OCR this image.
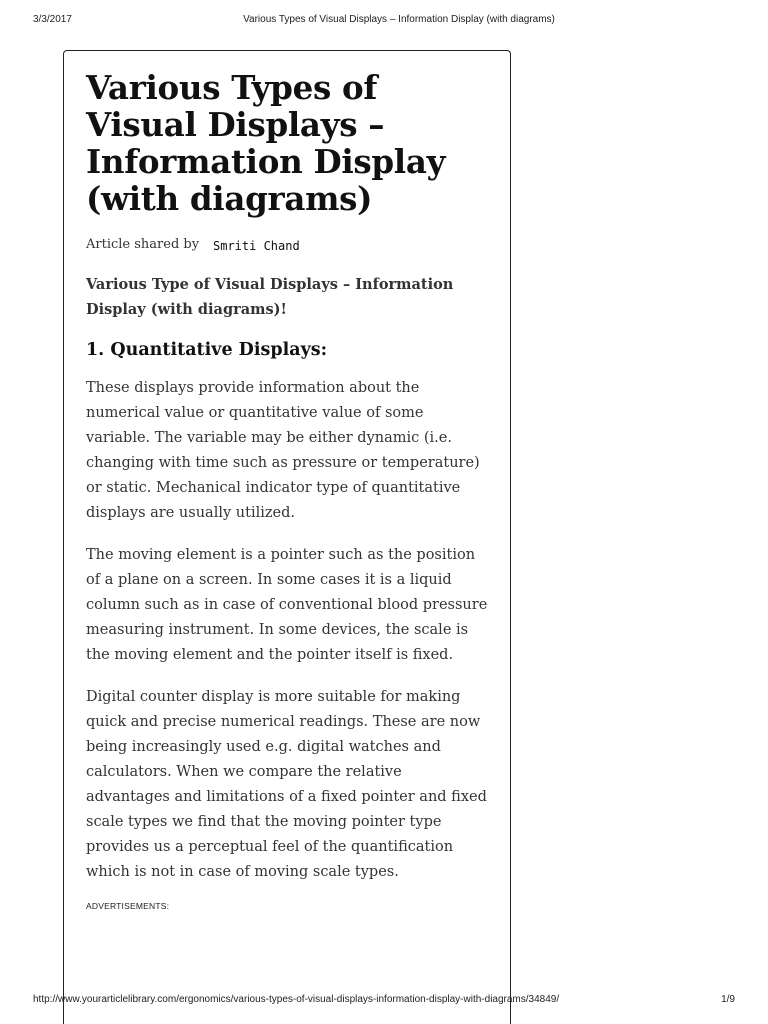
3/3/2017	Various Types of Visual Displays – Information Display (with diagrams)
Various Types of Visual Displays – Information Display (with diagrams)
Article shared by Smriti Chand
Various Type of Visual Displays – Information Display (with diagrams)!
1. Quantitative Displays:

These displays provide information about the numerical value or quantitative value of some variable. The variable may be either dynamic (i.e. changing with time such as pressure or temperature) or static. Mechanical indicator type of quantitative displays are usually utilized.

The moving element is a pointer such as the position of a plane on a screen. In some cases it is a liquid column such as in case of conventional blood pressure measuring instrument. In some devices, the scale is the moving element and the pointer itself is fixed.

Digital counter display is more suitable for making quick and precise numerical readings. These are now being increasingly used e.g. digital watches and calculators. When we compare the relative advantages and limitations of a fixed pointer and fixed scale types we find that the moving pointer type provides us a perceptual feel of the quantification which is not in case of moving scale types.

ADVERTISEMENTS:
http://www.yourarticlelibrary.com/ergonomics/various-types-of-visual-displays-information-display-with-diagrams/34849/	1/9
